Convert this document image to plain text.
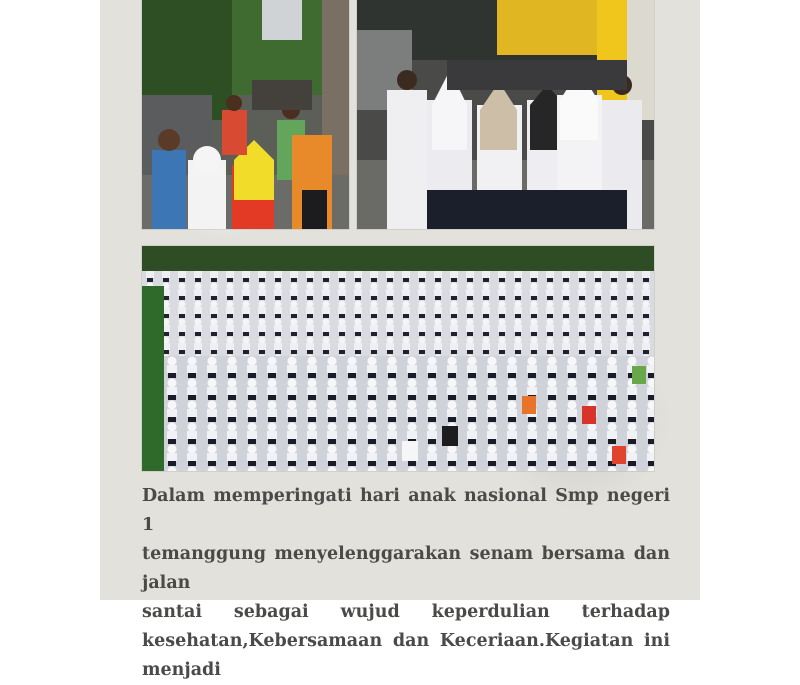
Dalam memperingati hari anak nasional Smp negeri 1
temanggung menyelenggarakan senam bersama dan jalan
santai sebagai wujud keperdulian terhadap
kesehatan,Kebersamaan dan Keceriaan.Kegiatan ini menjadi
